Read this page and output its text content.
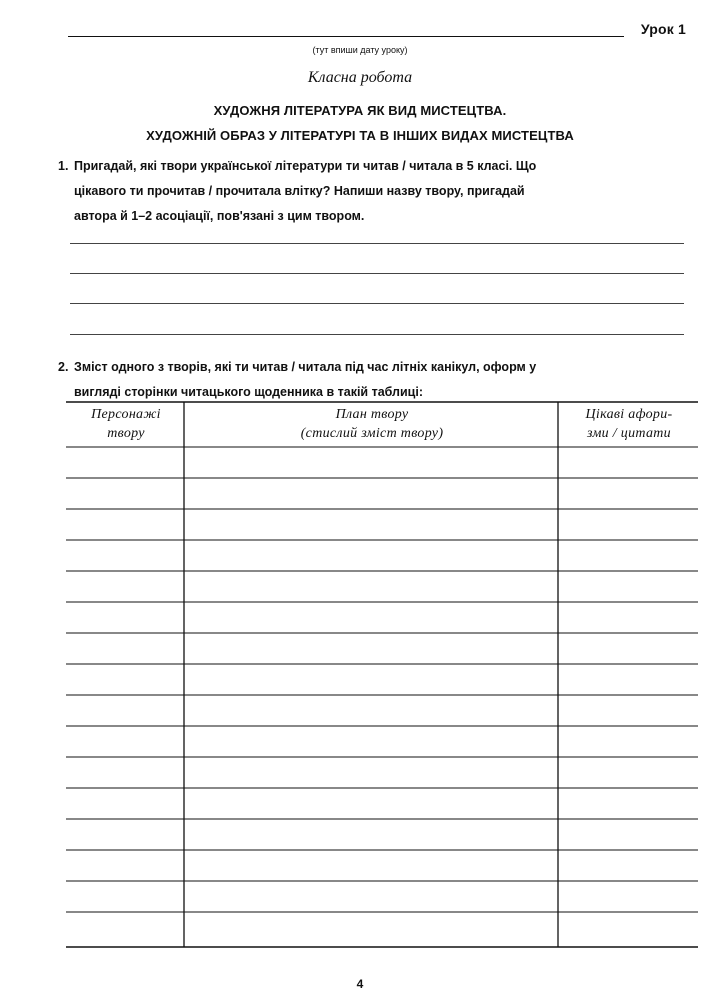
Урок 1
(тут впиши дату уроку)
Класна робота
ХУДОЖНЯ ЛІТЕРАТУРА ЯК ВИД МИСТЕЦТВА.
ХУДОЖНІЙ ОБРАЗ У ЛІТЕРАТУРІ ТА В ІНШИХ ВИДАХ МИСТЕЦТВА
1. Пригадай, які твори української літератури ти читав / читала в 5 класі. Що
цікавого ти прочитав / прочитала влітку? Напиши назву твору, пригадай
автора й 1–2 асоціації, пов'язані з цим твором.
2. Зміст одного з творів, які ти читав / читала під час літніх канікул, оформ у
вигляді сторінки читацького щоденника в такій таблиці:
Персонажі
твору
План твору
(стислий зміст твору)
Цікаві афори-
зми / цитати
4
